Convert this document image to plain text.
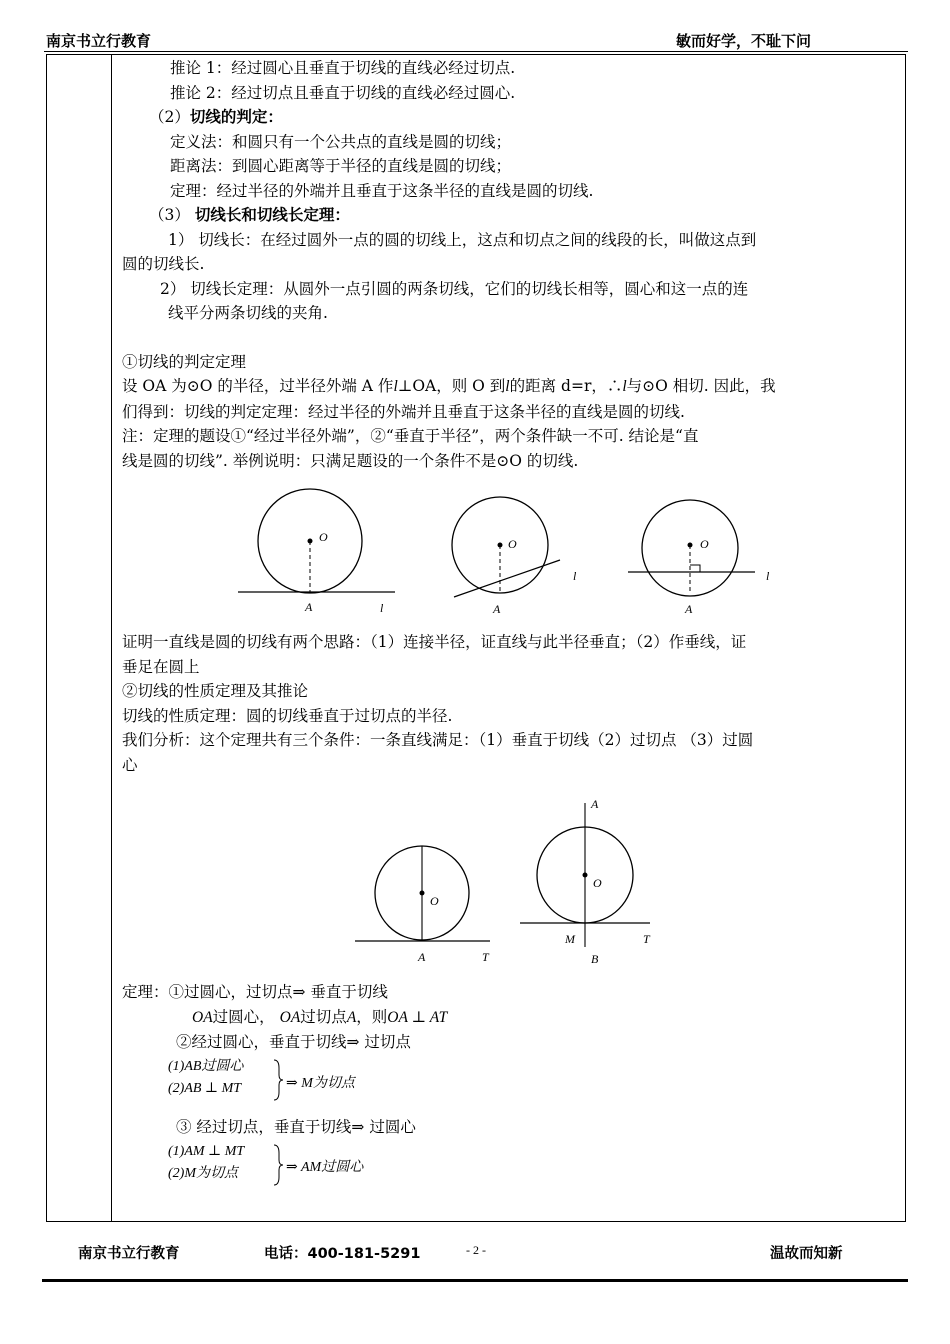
南京书立行教育	敏而好学，不耻下问

推论 1：经过圆心且垂直于切线的直线必经过切点.

推论 2：经过切点且垂直于切线的直线必经过圆心.

（2）切线的判定：

定义法：和圆只有一个公共点的直线是圆的切线；

距离法：到圆心距离等于半径的直线是圆的切线；

定理：经过半径的外端并且垂直于这条半径的直线是圆的切线.

（3） 切线长和切线长定理：

1） 切线长：在经过圆外一点的圆的切线上，这点和切点之间的线段的长，叫做这点到

圆的切线长.

2） 切线长定理：从圆外一点引圆的两条切线，它们的切线长相等，圆心和这一点的连

线平分两条切线的夹角.

①切线的判定定理

设 OA 为⊙O 的半径，过半径外端 A 作l⊥OA，则 O 到l的距离 d=r，∴l与⊙O 相切. 因此，我

们得到：切线的判定定理：经过半径的外端并且垂直于这条半径的直线是圆的切线.

注：定理的题设①“经过半径外端”，②“垂直于半径”，两个条件缺一不可. 结论是“直

线是圆的切线”. 举例说明：只满足题设的一个条件不是⊙O 的切线.

O
A	l
O
A
l
O
A
l

证明一直线是圆的切线有两个思路：（1）连接半径，证直线与此半径垂直；（2）作垂线，证

垂足在圆上

②切线的性质定理及其推论

切线的性质定理：圆的切线垂直于过切点的半径.

我们分析：这个定理共有三个条件：一条直线满足：（1）垂直于切线（2）过切点 （3）过圆

心

O
A	T
A
O
M	T
B
定理：①过圆心，过切点⇒ 垂直于切线
OA过圆心， OA过切点A，则OA ⊥ AT
②经过圆心，垂直于切线⇒ 过切点
(1)AB过圆心
(2)AB ⊥ MT	⇒ M为切点
③ 经过切点，垂直于切线⇒ 过圆心
(1)AM ⊥ MT
(2)M为切点	⇒ AM过圆心
南京书立行教育	电话：400-181-5291	- 2 -	温故而知新
